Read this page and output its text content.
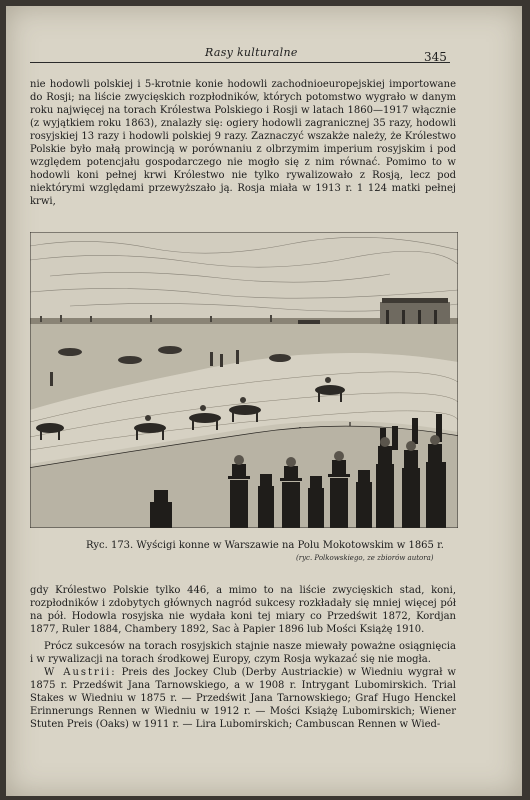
Rasy kulturalne	345

nie hodowli polskiej i 5-krotnie konie hodowli zachodnioeuropejskiej importowane do Rosji; na liście zwycięskich rozpłodników, których potomstwo wygrało w danym roku najwięcej na torach Królestwa Polskiego i Rosji w latach 1860—1917 włącznie (z wyjątkiem roku 1863), znalazły się: ogiery hodowli zagranicznej 35 razy, hodowli rosyjskiej 13 razy i hodowli polskiej 9 razy. Zaznaczyć wszakże należy, że Królestwo Polskie było małą prowincją w porównaniu z olbrzymim imperium rosyjskim i pod względem potencjału gospodarczego nie mogło się z nim równać. Pomimo to w hodowli koni pełnej krwi Królestwo nie tylko rywalizowało z Rosją, lecz pod niektórymi względami przewyższało ją. Rosja miała w 1913 r. 1 124 matki pełnej krwi,

Ryc. 173. Wyścigi konne w Warszawie na Polu Mokotowskim w 1865 r.
(ryc. Polkowskiego, ze zbiorów autora)

gdy Królestwo Polskie tylko 446, a mimo to na liście zwycięskich stad, koni, rozpłodników i zdobytych głównych nagród sukcesy rozkładały się mniej więcej pół na pół. Hodowla rosyjska nie wydała koni tej miary co Przedświt 1872, Kordjan 1877, Ruler 1884, Chambery 1892, Sac à Papier 1896 lub Mości Książę 1910.

Prócz sukcesów na torach rosyjskich stajnie nasze miewały poważne osiągnięcia i w rywalizacji na torach środkowej Europy, czym Rosja wykazać się nie mogła.

W Austrii: Preis des Jockey Club (Derby Austriackie) w Wiedniu wygrał w 1875 r. Przedświt Jana Tarnowskiego, a w 1908 r. Intrygant Lubomirskich. Trial Stakes w Wiedniu w 1875 r. — Przedświt Jana Tarnowskiego; Graf Hugo Henckel Erinnerungs Rennen w Wiedniu w 1912 r. — Mości Książę Lubomirskich; Wiener Stuten Preis (Oaks) w 1911 r. — Lira Lubomirskich; Cambuscan Rennen w Wied-
